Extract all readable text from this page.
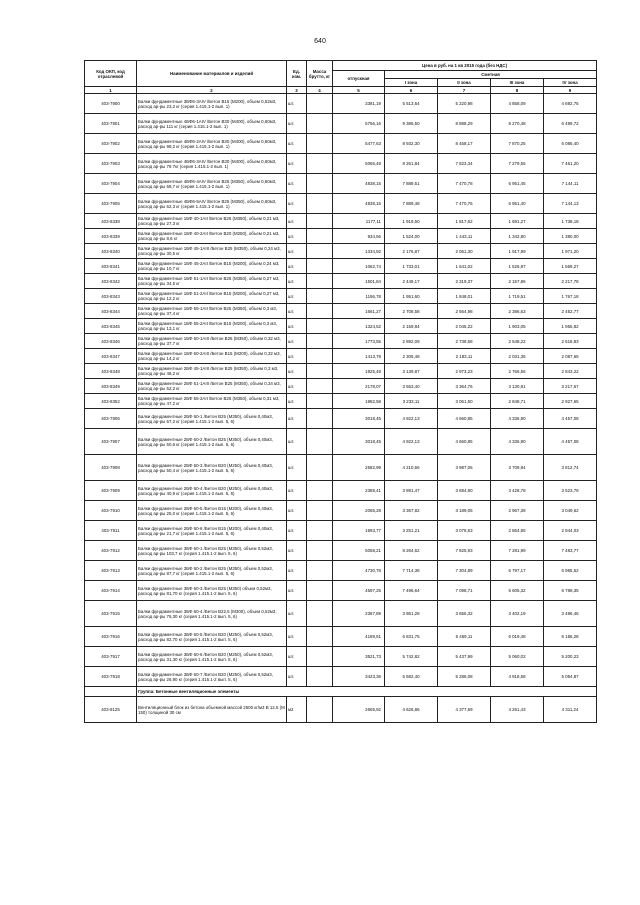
640
Код ОКП, код отраслевой	Наименование материалов и изделий	Ед. изм.	Масса брутто, кг	Цена в руб. на 1 кв 2015 года (без НДС)				
				отпускная	Сметная			
					I зона	II зона	III зона	IV зона
1	2	3	4	5	6	7	8	9
403-7900	Балки фундаментные 3БФ6-3АIV /Бетон В15 (М200), объем 0,52м3, расход ар-ры 23,2 кг (серия 1.415.1-2 вып. 1)	шт.		3381,19	5 513,64	5 220,98	4 858,09	4 692,75
403-7901	Балки фундаментные 4БФ6-1АIV /Бетон В30 (М400), объем 0,60м3, расход ар-ры 111 кг (серия 1.415.1-2 вып. 1)	шт.		5756,16	9 386,50	8 888,29	8 270,48	6 499,72
403-7902	Балки фундаментные 4БФ6-2АIV /Бетон В30 (М400), объем 0,60м3, расход ар-ры 98,2 кг (серия 1.415.1-2 вып. 1)	шт.		5477,63	8 932,30	8 458,17	7 870,25	6 086,40
403-7903	Балки фундаментные 4БФ6-3АIV /Бетон В30 (М400), объем 0,60м3, расход ар-ры 78 7кг (серия 1.415.1-2 вып. 1)	шт.		5066,49	8 261,84	7 823,34	7 279,55	7 461,20
403-7904	Балки фундаментные 4БФ6-4АIV /Бетон В25 (М350), объем 0,60м3, расход ар-ры 68,7 кг (серия 1.415.1-2 вып. 1)	шт.		4838,15	7 889,51	7 470,78	6 951,45	7 144,11
403-7905	Балки фундаментные 4БФ6-5АIV /Бетон В25 (М350), объем 0,60м3, расход ар-ры 62,3 кг (серия 1.415.1-2 вып. 1)	шт.		4838,15	7 889,48	7 470,76	6 951,40	7 144,13
403-8338	Балки фундаментные 1БФ 40-1АII /Бетон В25 (М350), объем 0,21 м3, расход ар-ры 27,3 кг	шт.		1177,11	1 919,50	1 817,62	1 691,27	1 738,18
403-8339	Балки фундаментные 1БФ 40-2АII /Бетон В20 (М250), объем 0,21 м3, расход ар-ры 8,6 кг	шт.		934,56	1 524,00	1 443,11	1 342,80	1 380,00
403-8340	Балки фундаментные 1БФ 45-1АIII /Бетон В25 (М350), объем 0,24 м3, расход ар-ры 30,5 кг	шт.		1334,92	2 176,87	2 061,30	1 917,99	1 971,20
403-8341	Балки фундаментные 1БФ 45-2АII /Бетон В15 (М200), объем 0,24 м3, расход ар-ры 10,7 кг	шт.		1062,74	1 733,01	1 641,02	1 526,97	1 569,27
403-8342	Балки фундаментные 1БФ 51-1АII /Бетон В25 (М350), объем 0,27 м3, расход ар-ры 34,5 кг	шт.		1501,84	2 449,17	2 319,37	2 157,86	2 217,78
403-8343	Балки фундаментные 1БФ 51-2АII /Бетон В15 (М200), объем 0,27 м3, расход ар-ры 12,2 кг	шт.		1196,78	1 951,60	1 848,01	1 719,51	1 767,18
403-8344	Балки фундаментные 1БФ 55-1АII /Бетон В25 (М350), объем 0,3 м3, расход ар-ры 37,4 кг	шт.		1661,27	2 708,58	2 564,98	2 386,63	2 452,77
403-8345	Балки фундаментные 1БФ 55-2АII /Бетон В15 (М200), объем 0,3 м3, расход ар-ры 13,1 кг	шт.		1324,52	2 159,84	2 045,22	1 903,05	1 955,82
403-8346	Балки фундаментные 1БФ 60-1АIII /Бетон В25 (М350), объем 0,32 м3, расход ар-ры 37,7 кг	шт.		1773,55	2 892,09	2 738,58	2 548,22	2 618,83
403-8347	Балки фундаментные 1БФ 60-2АIII /Бетон В15 (М200), объем 0,32 м3, расход ар-ры 14,2 кг	шт.		1413,79	2 305,48	2 183,11	2 031,35	2 087,65
403-8348	Балки фундаментные 2БФ 45-1АIII /Бетон В25 (М350), объем 0,3 м3, расход ар-ры 48,2 кг	шт.		1925,49	3 139,87	2 973,23	2 766,56	2 843,22
403-8349	Балки фундаментные 2БФ 51-1АIII /Бетон В25 (М350), объем 0,34 м3, расход ар-ры 52,2 кг	шт.		2178,07	3 553,40	3 364,76	3 130,91	3 217,67
403-8352	Балки фундаментные 2БФ 55-2АII /Бетон В25 (М350), объем 0,31 м3, расход ар-ры 47,2 кг	шт.		1982,58	3 233,11	3 061,50	2 848,71	2 927,65
403-7906	Балки фундаментные 2БФ 60-1 /Бетон В25 (М350), объем 0,40м3, расход ар-ры 67,2 кг (серия 1.415.1-2 вып. 5, 6)	шт.		3018,45	4 922,13	4 660,85	4 336,90	4 457,08
403-7907	Балки фундаментные 2БФ 60-2 /Бетон В25 (М350), объем 0,40м3, расход ар-ры 50,6 кг (серия 1.415.1-2 вып. 5, 6)	шт.		3018,45	4 922,13	4 660,85	4 336,90	4 457,08
403-7908	Балки фундаментные 2БФ 60-3 /Бетон В20 (М250), объем 0,40м3, расход ар-ры 50,4 кг (серия 1.415.1-2 вып. 5, 6)	шт.		2582,99	4 210,56	3 987,06	3 709,94	3 812,74
403-7909	Балки фундаментные 2БФ 60-4 /Бетон В20 (М250), объем 0,40м3, расход ар-ры 40,9 кг (серия 1.415.1-2 вып. 5, 6)	шт.		2389,41	3 891,47	3 684,90	3 428,78	3 523,79
403-7910	Балки фундаментные 2БФ 60-5 /Бетон В15 (М200), объем 0,40м3, расход ар-ры 25,0 кг (серия 1.415.1-2 вып. 5, 6)	шт.		2065,28	3 367,82	3 189,05	2 967,39	3 049,62
403-7911	Балки фундаментные 2БФ 60-6 /Бетон В15 (М200), объем 0,40м3, расход ар-ры 21,7 кг (серия 1.415.1-2 вып. 5, 6)	шт.		1993,77	3 251,21	3 078,63	2 864,65	2 944,03
403-7912	Балки фундаментные 3БФ 60-1 /Бетон В25 (М350), объем 0,52м3, расход ар-ры 103,7 кг (серия 1.415.1-2 вып. 5, 6)	шт.		5068,21	8 264,62	7 825,93	7 281,99	7 483,77
403-7913	Балки фундаментные 3БФ 60-2 /Бетон В25 (М350), объем 0,52м3, расход ар-ры 87,7 кг (серия 1.415.1-2 вып. 5, 6)	шт.		4730,78	7 714,38	7 304,89	6 797,17	6 985,52
403-7914	Балки фундаментные 3БФ 60-3 /Бетон В25 (М350) объем 0,52м3, расход ар-ры 81,70 кг (серия 1.415.1-2 вып. 5, 6)	шт.		4597,25	7 496,64	7 098,71	6 605,32	6 788,35
403-7915	Балки фундаментные 3БФ 60-4 /Бетон В22,5 (М300), объем 0,52м3, расход ар-ры 76,30 кг (серия 1.415.1-2 вып. 5, 6)	шт.		2367,89	3 861,28	3 656,32	3 402,19	3 496,46
403-7916	Балки фундаментные 3БФ 60-5 /Бетон В20 (М250), объем 0,52м3, расход ар-ры 82,70 кг (серия 1.415.1-2 вып. 5, 6)	шт.		4189,51	6 831,75	6 469,11	6 019,48	6 186,28
403-7917	Балки фундаментные 3БФ 60-6 /Бетон В20 (М250), объем 0,52м3, расход ар-ры 31,30 кг (серия 1.415.1-2 вып. 5, 6)	шт.		3521,73	5 742,82	5 437,99	5 060,02	5 200,23
403-7918	Балки фундаментные 3БФ 60-7 /Бетон В20 (М250), объем 0,52м3, расход ар-ры 26,90 кг (серия 1.415.1-2 вып. 5, 6)	шт.		3423,36	5 582,40	5 286,08	4 918,58	5 054,87
	Группа: Бетонные вентиляционные элементы							
403-8125	Вентиляционный блок из бетона объемной массой 2500 кг/м3 В 12,5 (М 150) толщиной 30 см	м2		2665,92	4 626,86	4 377,69	4 261,43	4 311,24
